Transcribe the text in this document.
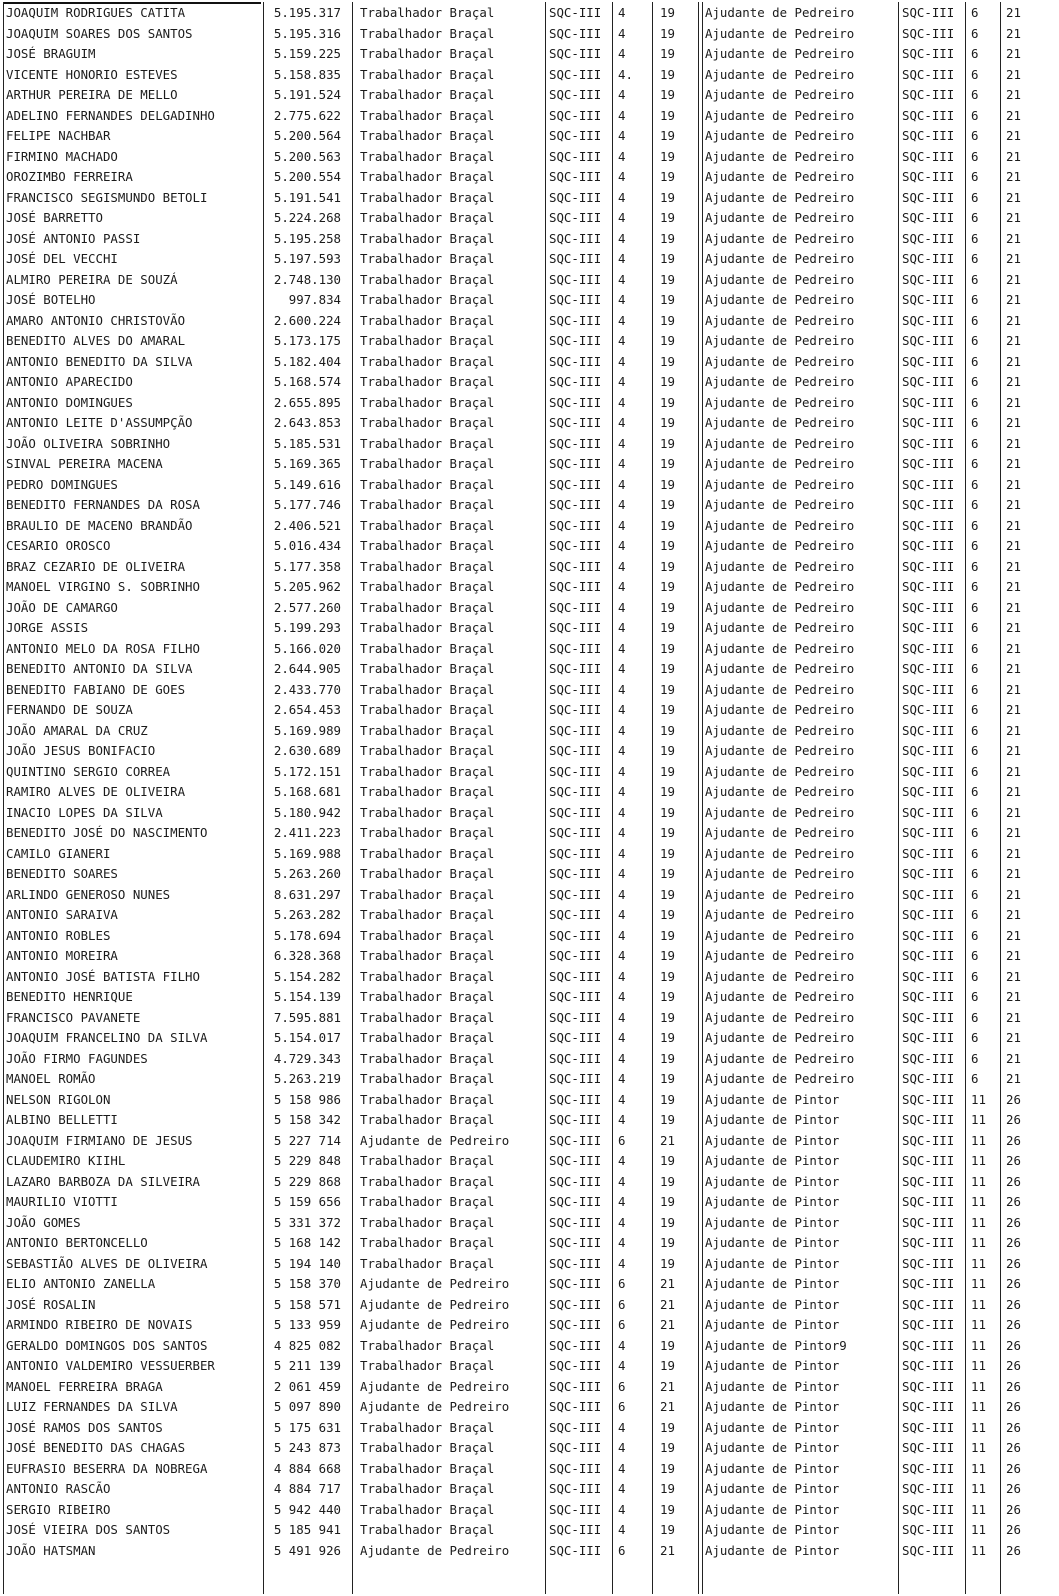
JOAQUIM RODRIGUES CATITA	5.195.317 Trabalhador Braçal	SQC-III	4	19	Ajudante de Pedreiro	SQC-III	6	21
JOAQUIM SOARES DOS SANTOS	5.195.316 Trabalhador Braçal	SQC-III	4	19	Ajudante de Pedreiro	SQC-III	6	21
JOSÉ BRAGUIM	5.159.225 Trabalhador Braçal	SQC-III	4	19	Ajudante de Pedreiro	SQC-III	6	21
VICENTE HONORIO ESTEVES	5.158.835 Trabalhador Braçal	SQC-III	4.	19	Ajudante de Pedreiro	SQC-III	6	21
ARTHUR PEREIRA DE MELLO	5.191.524 Trabalhador Braçal	SQC-III	4	19	Ajudante de Pedreiro	SQC-III	6	21
ADELINO FERNANDES DELGADINHO	2.775.622 Trabalhador Braçal	SQC-III	4	19	Ajudante de Pedreiro	SQC-III	6	21
FELIPE NACHBAR	5.200.564 Trabalhador Braçal	SQC-III	4	19	Ajudante de Pedreiro	SQC-III	6	21
FIRMINO MACHADO	5.200.563 Trabalhador Braçal	SQC-III	4	19	Ajudante de Pedreiro	SQC-III	6	21
OROZIMBO FERREIRA	5.200.554 Trabalhador Braçal	SQC-III	4	19	Ajudante de Pedreiro	SQC-III	6	21
FRANCISCO SEGISMUNDO BETOLI	5.191.541 Trabalhador Braçal	SQC-III	4	19	Ajudante de Pedreiro	SQC-III	6	21
JOSÉ BARRETTO	5.224.268 Trabalhador Braçal	SQC-III	4	19	Ajudante de Pedreiro	SQC-III	6	21
JOSÉ ANTONIO PASSI	5.195.258 Trabalhador Braçal	SQC-III	4	19	Ajudante de Pedreiro	SQC-III	6	21
JOSÉ DEL VECCHI	5.197.593 Trabalhador Braçal	SQC-III	4	19	Ajudante de Pedreiro	SQC-III	6	21
ALMIRO PEREIRA DE SOUZÁ	2.748.130 Trabalhador Braçal	SQC-III	4	19	Ajudante de Pedreiro	SQC-III	6	21
JOSÉ BOTELHO	997.834 Trabalhador Braçal	SQC-III	4	19	Ajudante de Pedreiro	SQC-III	6	21
AMARO ANTONIO CHRISTOVÃO	2.600.224 Trabalhador Braçal	SQC-III	4	19	Ajudante de Pedreiro	SQC-III	6	21
BENEDITO ALVES DO AMARAL	5.173.175 Trabalhador Braçal	SQC-III	4	19	Ajudante de Pedreiro	SQC-III	6	21
ANTONIO BENEDITO DA SILVA	5.182.404 Trabalhador Braçal	SQC-III	4	19	Ajudante de Pedreiro	SQC-III	6	21
ANTONIO APARECIDO	5.168.574 Trabalhador Braçal	SQC-III	4	19	Ajudante de Pedreiro	SQC-III	6	21
ANTONIO DOMINGUES	2.655.895 Trabalhador Braçal	SQC-III	4	19	Ajudante de Pedreiro	SQC-III	6	21
ANTONIO LEITE D'ASSUMPÇÃO	2.643.853 Trabalhador Braçal	SQC-III	4	19	Ajudante de Pedreiro	SQC-III	6	21
JOÃO OLIVEIRA SOBRINHO	5.185.531 Trabalhador Braçal	SQC-III	4	19	Ajudante de Pedreiro	SQC-III	6	21
SINVAL PEREIRA MACENA	5.169.365 Trabalhador Braçal	SQC-III	4	19	Ajudante de Pedreiro	SQC-III	6	21
PEDRO DOMINGUES	5.149.616 Trabalhador Braçal	SQC-III	4	19	Ajudante de Pedreiro	SQC-III	6	21
BENEDITO FERNANDES DA ROSA	5.177.746 Trabalhador Braçal	SQC-III	4	19	Ajudante de Pedreiro	SQC-III	6	21
BRAULIO DE MACENO BRANDÃO	2.406.521 Trabalhador Braçal	SQC-III	4	19	Ajudante de Pedreiro	SQC-III	6	21
CESARIO OROSCO	5.016.434 Trabalhador Braçal	SQC-III	4	19	Ajudante de Pedreiro	SQC-III	6	21
BRAZ CEZARIO DE OLIVEIRA	5.177.358 Trabalhador Braçal	SQC-III	4	19	Ajudante de Pedreiro	SQC-III	6	21
MANOEL VIRGINO S. SOBRINHO	5.205.962 Trabalhador Braçal	SQC-III	4	19	Ajudante de Pedreiro	SQC-III	6	21
JOÃO DE CAMARGO	2.577.260 Trabalhador Braçal	SQC-III	4	19	Ajudante de Pedreiro	SQC-III	6	21
JORGE ASSIS	5.199.293 Trabalhador Braçal	SQC-III	4	19	Ajudante de Pedreiro	SQC-III	6	21
ANTONIO MELO DA ROSA FILHO	5.166.020 Trabalhador Braçal	SQC-III	4	19	Ajudante de Pedreiro	SQC-III	6	21
BENEDITO ANTONIO DA SILVA	2.644.905 Trabalhador Braçal	SQC-III	4	19	Ajudante de Pedreiro	SQC-III	6	21
BENEDITO FABIANO DE GOES	2.433.770 Trabalhador Braçal	SQC-III	4	19	Ajudante de Pedreiro	SQC-III	6	21
FERNANDO DE SOUZA	2.654.453 Trabalhador Braçal	SQC-III	4	19	Ajudante de Pedreiro	SQC-III	6	21
JOÃO AMARAL DA CRUZ	5.169.989 Trabalhador Braçal	SQC-III	4	19	Ajudante de Pedreiro	SQC-III	6	21
JOÃO JESUS BONIFACIO	2.630.689 Trabalhador Braçal	SQC-III	4	19	Ajudante de Pedreiro	SQC-III	6	21
QUINTINO SERGIO CORREA	5.172.151 Trabalhador Braçal	SQC-III	4	19	Ajudante de Pedreiro	SQC-III	6	21
RAMIRO ALVES DE OLIVEIRA	5.168.681 Trabalhador Braçal	SQC-III	4	19	Ajudante de Pedreiro	SQC-III	6	21
INACIO LOPES DA SILVA	5.180.942 Trabalhador Braçal	SQC-III	4	19	Ajudante de Pedreiro	SQC-III	6	21
BENEDITO JOSÉ DO NASCIMENTO	2.411.223 Trabalhador Braçal	SQC-III	4	19	Ajudante de Pedreiro	SQC-III	6	21
CAMILO GIANERI	5.169.988 Trabalhador Braçal	SQC-III	4	19	Ajudante de Pedreiro	SQC-III	6	21
BENEDITO SOARES	5.263.260 Trabalhador Braçal	SQC-III	4	19	Ajudante de Pedreiro	SQC-III	6	21
ARLINDO GENEROSO NUNES	8.631.297 Trabalhador Braçal	SQC-III	4	19	Ajudante de Pedreiro	SQC-III	6	21
ANTONIO SARAIVA	5.263.282 Trabalhador Braçal	SQC-III	4	19	Ajudante de Pedreiro	SQC-III	6	21
ANTONIO ROBLES	5.178.694 Trabalhador Braçal	SQC-III	4	19	Ajudante de Pedreiro	SQC-III	6	21
ANTONIO MOREIRA	6.328.368 Trabalhador Braçal	SQC-III	4	19	Ajudante de Pedreiro	SQC-III	6	21
ANTONIO JOSÉ BATISTA FILHO	5.154.282 Trabalhador Braçal	SQC-III	4	19	Ajudante de Pedreiro	SQC-III	6	21
BENEDITO HENRIQUE	5.154.139 Trabalhador Braçal	SQC-III	4	19	Ajudante de Pedreiro	SQC-III	6	21
FRANCISCO PAVANETE	7.595.881 Trabalhador Braçal	SQC-III	4	19	Ajudante de Pedreiro	SQC-III	6	21
JOAQUIM FRANCELINO DA SILVA	5.154.017 Trabalhador Braçal	SQC-III	4	19	Ajudante de Pedreiro	SQC-III	6	21
JOÃO FIRMO FAGUNDES	4.729.343 Trabalhador Braçal	SQC-III	4	19	Ajudante de Pedreiro	SQC-III	6	21
MANOEL ROMÃO	5.263.219 Trabalhador Braçal	SQC-III	4	19	Ajudante de Pedreiro	SQC-III	6	21
NELSON RIGOLON	5 158 986 Trabalhador Braçal	SQC-III	4	19	Ajudante de Pintor	SQC-III	11	26
ALBINO BELLETTI	5 158 342 Trabalhador Braçal	SQC-III	4	19	Ajudante de Pintor	SQC-III	11	26
JOAQUIM FIRMIANO DE JESUS	5 227 714 Ajudante de Pedreiro	SQC-III	6	21	Ajudante de Pintor	SQC-III	11	26
CLAUDEMIRO KIIHL	5 229 848 Trabalhador Braçal	SQC-III	4	19	Ajudante de Pintor	SQC-III	11	26
LAZARO BARBOZA DA SILVEIRA	5 229 868 Trabalhador Braçal	SQC-III	4	19	Ajudante de Pintor	SQC-III	11	26
MAURILIO VIOTTI	5 159 656 Trabalhador Braçal	SQC-III	4	19	Ajudante de Pintor	SQC-III	11	26
JOÃO GOMES	5 331 372 Trabalhador Braçal	SQC-III	4	19	Ajudante de Pintor	SQC-III	11	26
ANTONIO BERTONCELLO	5 168 142 Trabalhador Braçal	SQC-III	4	19	Ajudante de Pintor	SQC-III	11	26
SEBASTIÃO ALVES DE OLIVEIRA	5 194 140 Trabalhador Braçal	SQC-III	4	19	Ajudante de Pintor	SQC-III	11	26
ELIO ANTONIO ZANELLA	5 158 370 Ajudante de Pedreiro	SQC-III	6	21	Ajudante de Pintor	SQC-III	11	26
JOSÉ ROSALIN	5 158 571 Ajudante de Pedreiro	SQC-III	6	21	Ajudante de Pintor	SQC-III	11	26
ARMINDO RIBEIRO DE NOVAIS	5 133 959 Ajudante de Pedreiro	SQC-III	6	21	Ajudante de Pintor	SQC-III	11	26
GERALDO DOMINGOS DOS SANTOS	4 825 082 Trabalhador Braçal	SQC-III	4	19	Ajudante de Pintor9	SQC-III	11	26
ANTONIO VALDEMIRO VESSUERBER	5 211 139 Trabalhador Braçal	SQC-III	4	19	Ajudante de Pintor	SQC-III	11	26
MANOEL FERREIRA BRAGA	2 061 459 Ajudante de Pedreiro	SQC-III	6	21	Ajudante de Pintor	SQC-III	11	26
LUIZ FERNANDES DA SILVA	5 097 890 Ajudante de Pedreiro	SQC-III	6	21	Ajudante de Pintor	SQC-III	11	26
JOSÉ RAMOS DOS SANTOS	5 175 631 Trabalhador Braçal	SQC-III	4	19	Ajudante de Pintor	SQC-III	11	26
JOSÉ BENEDITO DAS CHAGAS	5 243 873 Trabalhador Braçal	SQC-III	4	19	Ajudante de Pintor	SQC-III	11	26
EUFRASIO BESERRA DA NOBREGA	4 884 668 Trabalhador Braçal	SQC-III	4	19	Ajudante de Pintor	SQC-III	11	26
ANTONIO RASCÃO	4 884 717 Trabalhador Braçal	SQC-III	4	19	Ajudante de Pintor	SQC-III	11	26
SERGIO RIBEIRO	5 942 440 Trabalhador Braçal	SQC-III	4	19	Ajudante de Pintor	SQC-III	11	26
JOSÉ VIEIRA DOS SANTOS	5 185 941 Trabalhador Braçal	SQC-III	4	19	Ajudante de Pintor	SQC-III	11	26
JOÃO HATSMAN	5 491 926 Ajudante de Pedreiro	SQC-III	6	21	Ajudante de Pintor	SQC-III	11	26
